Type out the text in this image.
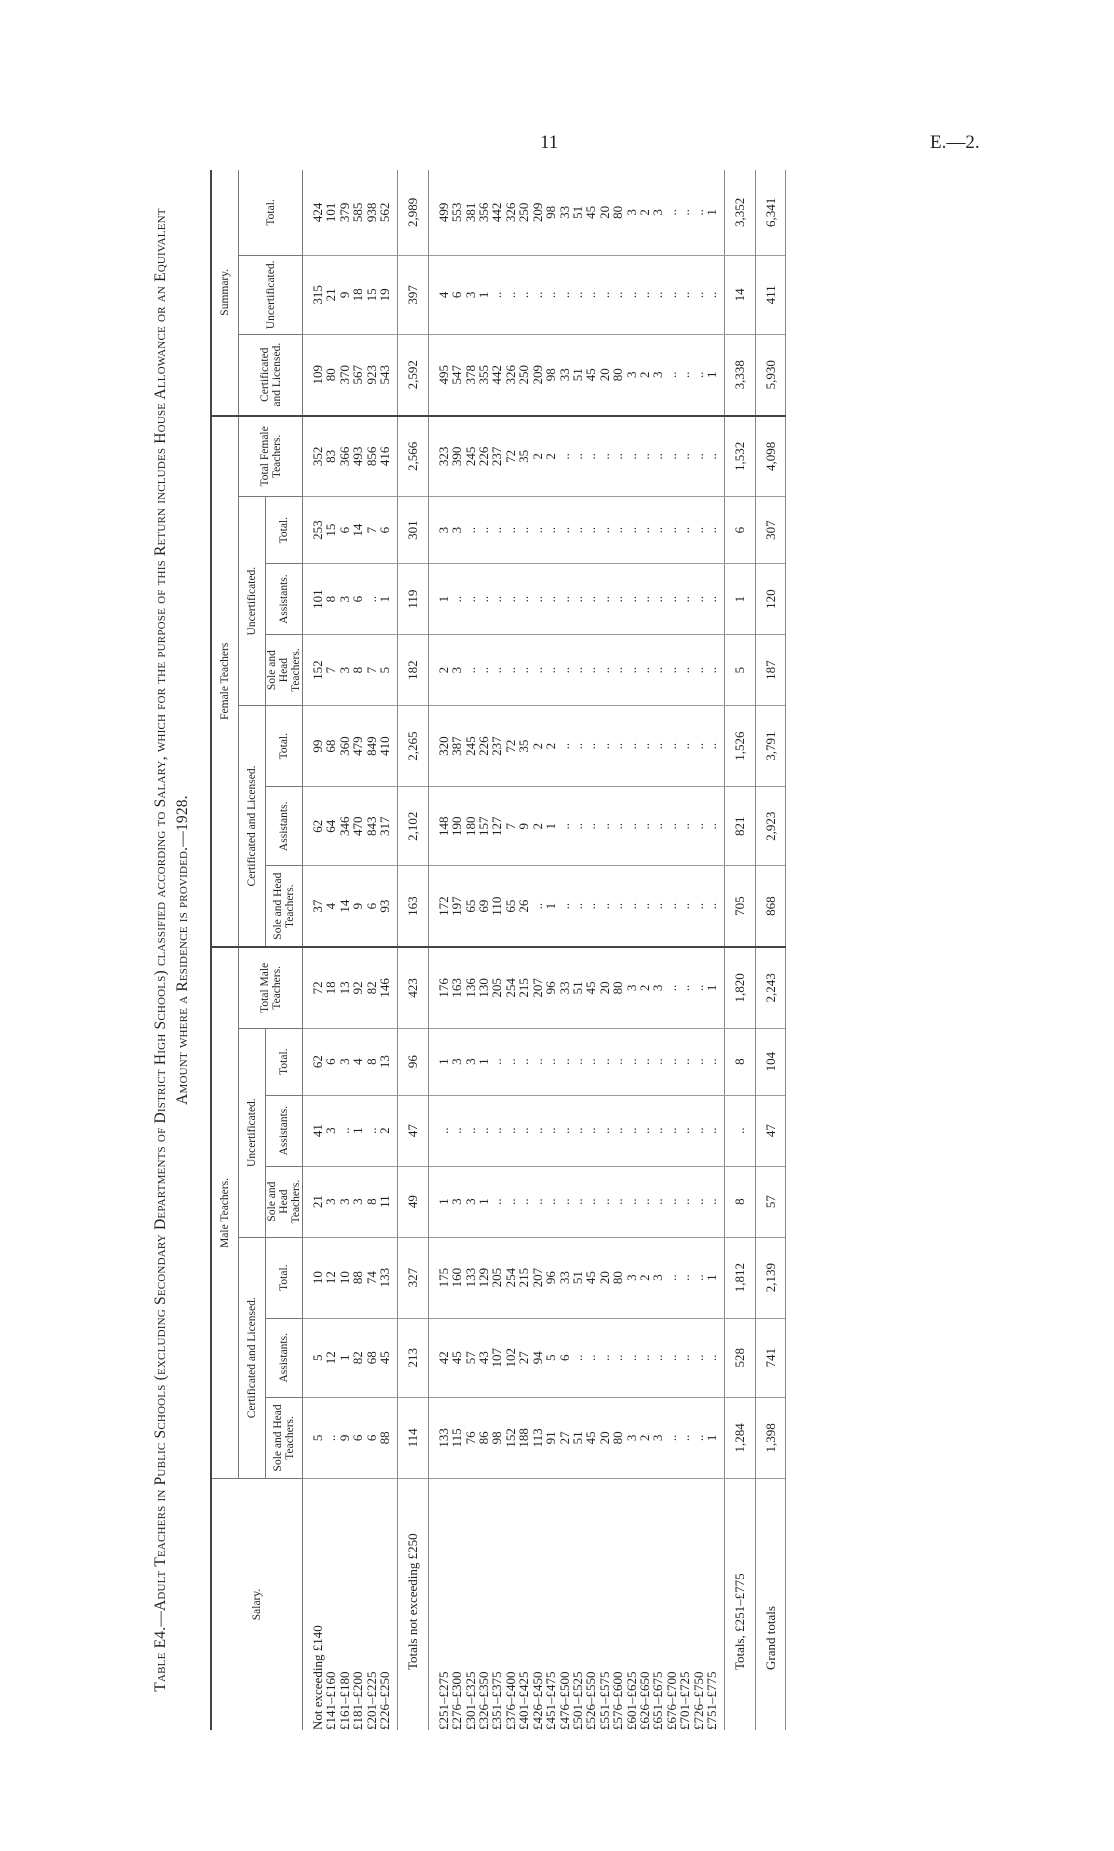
11	E.—2.
Table E4.—Adult Teachers in Public Schools (excluding Secondary Departments of District High Schools) classified according to Salary, which for the purpose of this Return includes House Allowance or an Equivalent Amount where a Residence is provided.—1928.
Salary.	Male Teachers.							Female Teachers							Summary.		
	Certificated and Licensed.			Uncertificated.			Total Male Teachers.	Certificated and Licensed.			Uncertificated.			Total Female Teachers.	Certificated and Licensed.	Uncertificated.	Total.
	Sole and Head Teachers.	Assistants.	Total.	Sole and Head Teachers.	Assistants.	Total.		Sole and Head Teachers.	Assistants.	Total.	Sole and Head Teachers.	Assistants.	Total.				
Not exceeding £140	5	5	10	21	41	62	72	37	62	99	152	101	253	352	109	315	424
£141–£160	..	12	12	3	3	6	18	4	64	68	7	8	15	83	80	21	101
£161–£180	9	1	10	3	..	3	13	14	346	360	3	3	6	366	370	9	379
£181–£200	6	82	88	3	1	4	92	9	470	479	8	6	14	493	567	18	585
£201–£225	6	68	74	8	..	8	82	6	843	849	7	..	7	856	923	15	938
£226–£250	88	45	133	11	2	13	146	93	317	410	5	1	6	416	543	19	562
Totals not exceeding £250	114	213	327	49	47	96	423	163	2,102	2,265	182	119	301	2,566	2,592	397	2,989
£251–£275	133	42	175	1	..	1	176	172	148	320	2	1	3	323	495	4	499
£276–£300	115	45	160	3	..	3	163	197	190	387	3	..	3	390	547	6	553
£301–£325	76	57	133	3	..	3	136	65	180	245	..	..	..	245	378	3	381
£326–£350	86	43	129	1	..	1	130	69	157	226	..	..	..	226	355	1	356
£351–£375	98	107	205	..	..	..	205	110	127	237	..	..	..	237	442	..	442
£376–£400	152	102	254	..	..	..	254	65	7	72	..	..	..	72	326	..	326
£401–£425	188	27	215	..	..	..	215	26	9	35	..	..	..	35	250	..	250
£426–£450	113	94	207	..	..	..	207	..	2	2	..	..	..	2	209	..	209
£451–£475	91	5	96	..	..	..	96	1	1	2	..	..	..	2	98	..	98
£476–£500	27	6	33	..	..	..	33	..	..	..	..	..	..	..	33	..	33
£501–£525	51	..	51	..	..	..	51	..	..	..	..	..	..	..	51	..	51
£526–£550	45	..	45	..	..	..	45	..	..	..	..	..	..	..	45	..	45
£551–£575	20	..	20	..	..	..	20	..	..	..	..	..	..	..	20	..	20
£576–£600	80	..	80	..	..	..	80	..	..	..	..	..	..	..	80	..	80
£601–£625	3	..	3	..	..	..	3	..	..	..	..	..	..	..	3	..	3
£626–£650	2	..	2	..	..	..	2	..	..	..	..	..	..	..	2	..	2
£651–£675	3	..	3	..	..	..	3	..	..	..	..	..	..	..	3	..	3
£676–£700	..	..	..	..	..	..	..	..	..	..	..	..	..	..	..	..	..
£701–£725	..	..	..	..	..	..	..	..	..	..	..	..	..	..	..	..	..
£726–£750	..	..	..	..	..	..	..	..	..	..	..	..	..	..	..	..	..
£751–£775	1	..	1	..	..	..	1	..	..	..	..	..	..	..	1	..	1
Totals, £251–£775	1,284	528	1,812	8	..	8	1,820	705	821	1,526	5	1	6	1,532	3,338	14	3,352
Grand totals	1,398	741	2,139	57	47	104	2,243	868	2,923	3,791	187	120	307	4,098	5,930	411	6,341
